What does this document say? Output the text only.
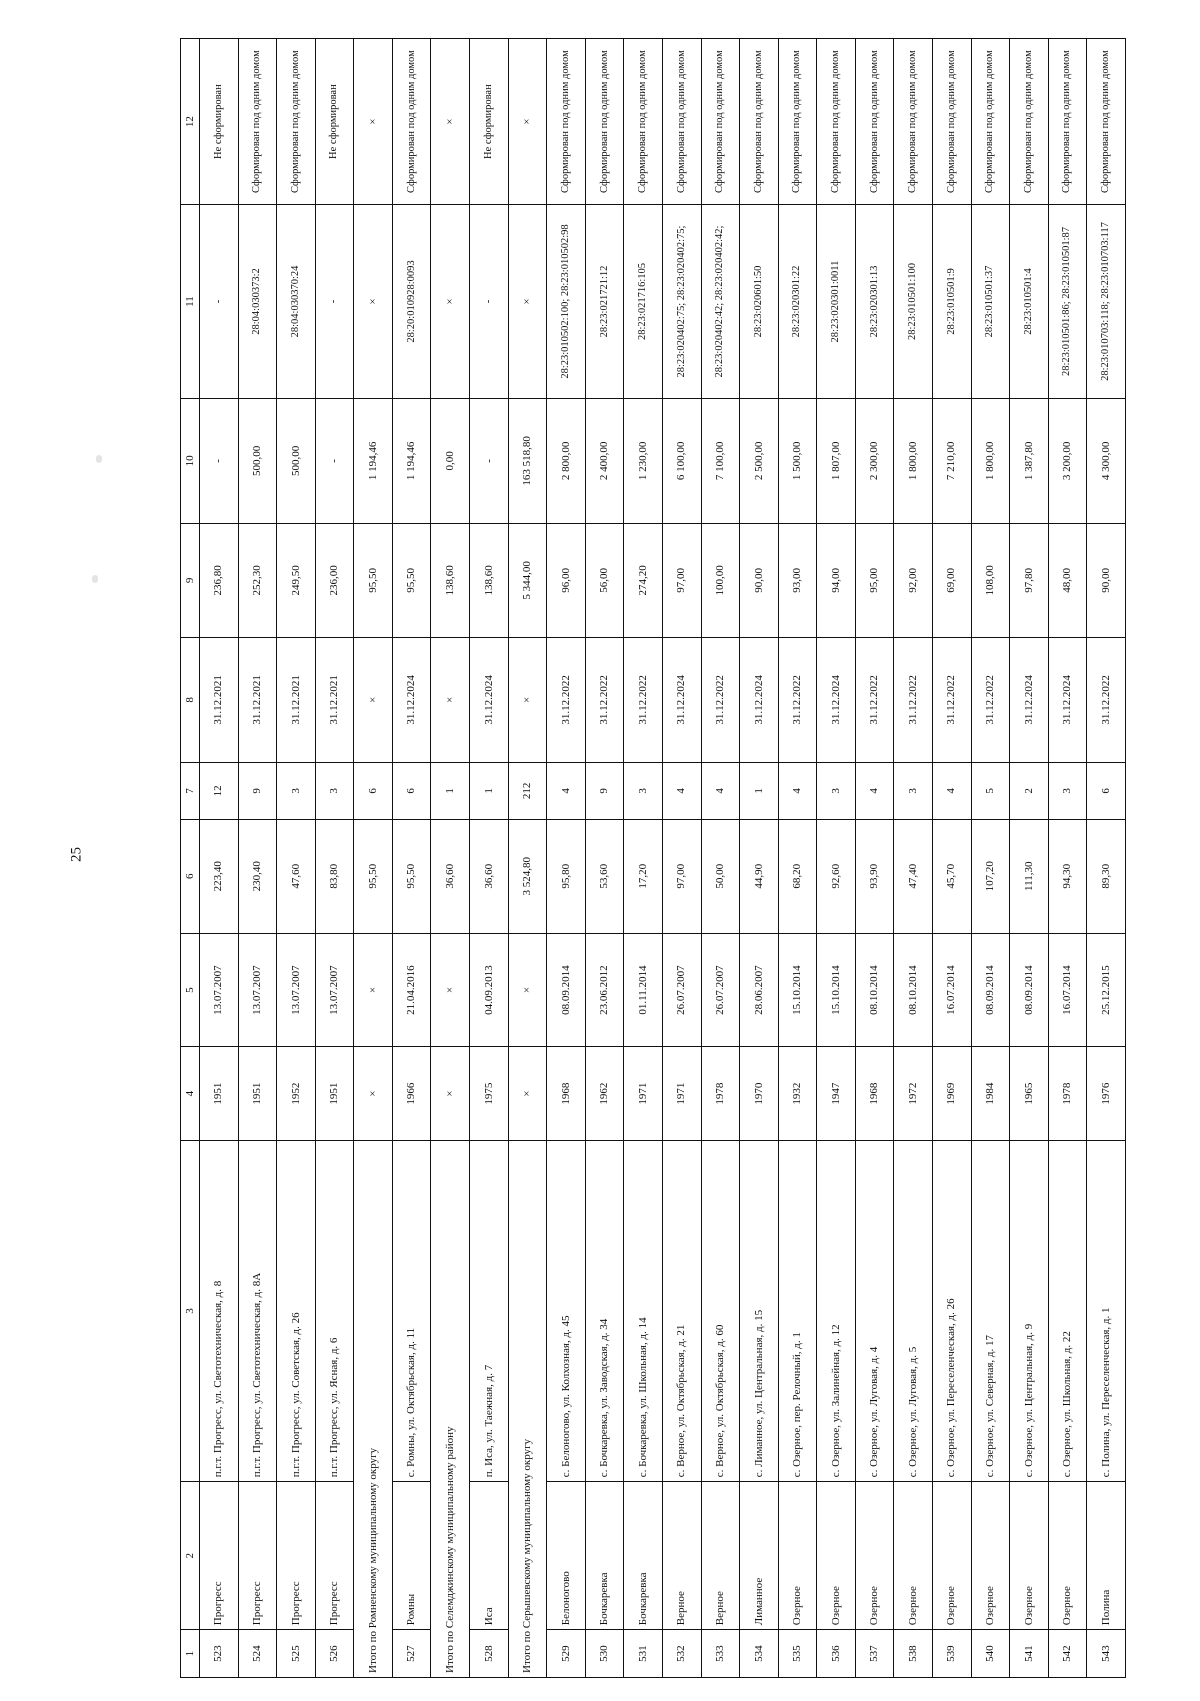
25
1	2	3	4	5	6	7	8	9	10	11	12
523	Прогресс	п.г.т. Прогресс, ул. Светотехническая, д. 8	1951	13.07.2007	223,40	12	31.12.2021	236,80	-	-	Не сформирован
524	Прогресс	п.г.т. Прогресс, ул. Светотехническая, д. 8А	1951	13.07.2007	230,40	9	31.12.2021	252,30	500,00	28:04:030373:2	Сформирован под одним домом
525	Прогресс	п.г.т. Прогресс, ул. Советская, д. 26	1952	13.07.2007	47,60	3	31.12.2021	249,50	500,00	28:04:030370:24	Сформирован под одним домом
526	Прогресс	п.г.т. Прогресс, ул. Ясная, д. 6	1951	13.07.2007	83,80	3	31.12.2021	236,00	-	-	Не сформирован
Итого по Ромненскому муниципальному округу			×	×	95,50	6	×	95,50	1 194,46	×	×
527	Ромны	с. Ромны, ул. Октябрьская, д. 11	1966	21.04.2016	95,50	6	31.12.2024	95,50	1 194,46	28:20:010928:0093	Сформирован под одним домом
Итого по Селемджинскому муниципальному району			×	×	36,60	1	×	138,60	0,00	×	×
528	Иса	п. Иса, ул. Таежная, д. 7	1975	04.09.2013	36,60	1	31.12.2024	138,60	-	-	Не сформирован
Итого по Серышевскому муниципальному округу			×	×	3 524,80	212	×	5 344,00	163 518,80	×	×
529	Белоногово	с. Белоногово, ул. Колхозная, д. 45	1968	08.09.2014	95,80	4	31.12.2022	96,00	2 800,00	28:23:010502:100; 28:23:010502:98	Сформирован под одним домом
530	Бочкаревка	с. Бочкаревка, ул. Заводская, д. 34	1962	23.06.2012	53,60	9	31.12.2022	56,00	2 400,00	28:23:021721:12	Сформирован под одним домом
531	Бочкаревка	с. Бочкаревка, ул. Школьная, д. 14	1971	01.11.2014	17,20	3	31.12.2022	274,20	1 230,00	28:23:021716:105	Сформирован под одним домом
532	Верное	с. Верное, ул. Октябрьская, д. 21	1971	26.07.2007	97,00	4	31.12.2024	97,00	6 100,00	28:23:020402:75; 28:23:020402:75;	Сформирован под одним домом
533	Верное	с. Верное, ул. Октябрьская, д. 60	1978	26.07.2007	50,00	4	31.12.2022	100,00	7 100,00	28:23:020402:42; 28:23:020402:42;	Сформирован под одним домом
534	Лиманное	с. Лиманное, ул. Центральная, д. 15	1970	28.06.2007	44,90	1	31.12.2024	90,00	2 500,00	28:23:020601:50	Сформирован под одним домом
535	Озерное	с. Озерное, пер. Релочный, д. 1	1932	15.10.2014	68,20	4	31.12.2022	93,00	1 500,00	28:23:020301:22	Сформирован под одним домом
536	Озерное	с. Озерное, ул. Залинейная, д. 12	1947	15.10.2014	92,60	3	31.12.2024	94,00	1 807,00	28:23:020301:0011	Сформирован под одним домом
537	Озерное	с. Озерное, ул. Луговая, д. 4	1968	08.10.2014	93,90	4	31.12.2022	95,00	2 300,00	28:23:020301:13	Сформирован под одним домом
538	Озерное	с. Озерное, ул. Луговая, д. 5	1972	08.10.2014	47,40	3	31.12.2022	92,00	1 800,00	28:23:010501:100	Сформирован под одним домом
539	Озерное	с. Озерное, ул. Переселенческая, д. 26	1969	16.07.2014	45,70	4	31.12.2022	69,00	7 210,00	28:23:010501:9	Сформирован под одним домом
540	Озерное	с. Озерное, ул. Северная, д. 17	1984	08.09.2014	107,20	5	31.12.2022	108,00	1 800,00	28:23:010501:37	Сформирован под одним домом
541	Озерное	с. Озерное, ул. Центральная, д. 9	1965	08.09.2014	111,30	2	31.12.2024	97,80	1 387,80	28:23:010501:4	Сформирован под одним домом
542	Озерное	с. Озерное, ул. Школьная, д. 22	1978	16.07.2014	94,30	3	31.12.2024	48,00	3 200,00	28:23:010501:86; 28:23:010501:87	Сформирован под одним домом
543	Полина	с. Полина, ул. Переселенческая, д. 1	1976	25.12.2015	89,30	6	31.12.2022	90,00	4 300,00	28:23:010703:118; 28:23:010703:117	Сформирован под одним домом
